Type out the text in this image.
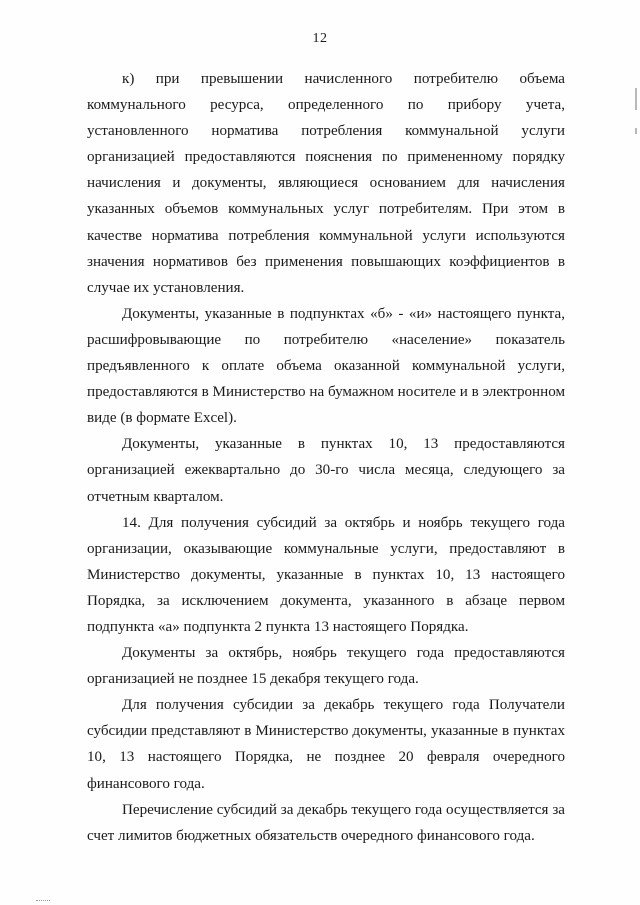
12

к) при превышении начисленного потребителю объема коммунального ресурса, определенного по прибору учета, установленного норматива потребления коммунальной услуги организацией предоставляются пояснения по примененному порядку начисления и документы, являющиеся основанием для начисления указанных объемов коммунальных услуг потребителям. При этом в качестве норматива потребления коммунальной услуги используются значения нормативов без применения повышающих коэффициентов в случае их установления.

Документы, указанные в подпунктах «б» - «и» настоящего пункта, расшифровывающие по потребителю «население» показатель предъявленного к оплате объема оказанной коммунальной услуги, предоставляются в Министерство на бумажном носителе и в электронном виде (в формате Excel).

Документы, указанные в пунктах 10, 13 предоставляются организацией ежеквартально до 30-го числа месяца, следующего за отчетным кварталом.

14. Для получения субсидий за октябрь и ноябрь текущего года организации, оказывающие коммунальные услуги, предоставляют в Министерство документы, указанные в пунктах 10, 13 настоящего Порядка, за исключением документа, указанного в абзаце первом подпункта «а» подпункта 2 пункта 13 настоящего Порядка.

Документы за октябрь, ноябрь текущего года предоставляются организацией не позднее 15 декабря текущего года.

Для получения субсидии за декабрь текущего года Получатели субсидии представляют в Министерство документы, указанные в пунктах 10, 13 настоящего Порядка, не позднее 20 февраля очередного финансового года.

Перечисление субсидий за декабрь текущего года осуществляется за счет лимитов бюджетных обязательств очередного финансового года.
